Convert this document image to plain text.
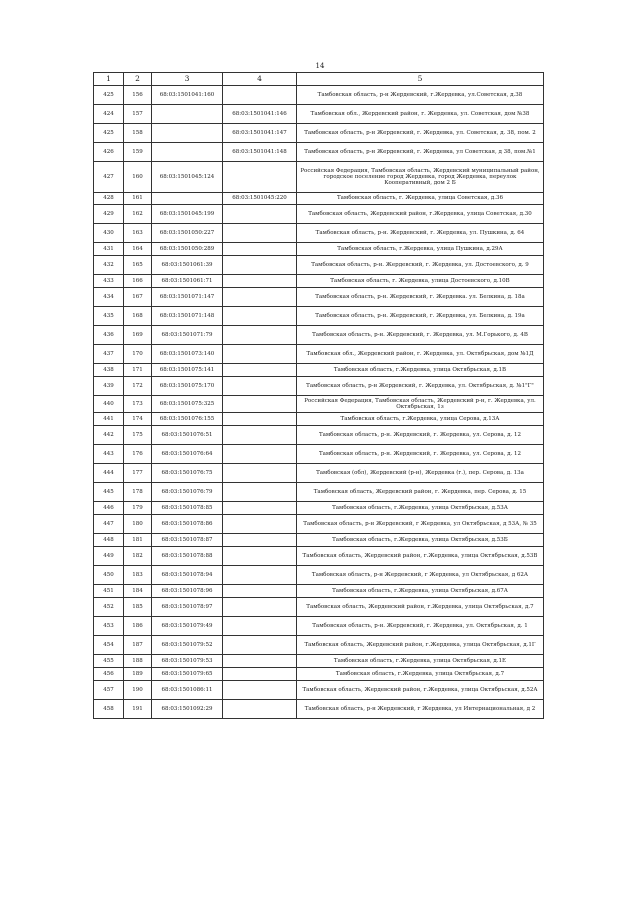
14
1	2	3	4	5
425	156	68:03:1501041:160		Тамбовская область, р-н Жердевский, г.Жердевка, ул.Советская, д.38
424	157		68:03:1501041:146	Тамбовская обл., Жердевский район, г. Жердевка, ул. Советская, дом №38
425	158		68:03:1501041:147	Тамбовская область, р-н Жердевский, г. Жердевка, ул. Советская, д. 38, пом. 2
426	159		68:03:1501041:148	Тамбовская область, р-н Жердевский, г. Жердевка, ул Советская, д 38, пом.№1
427	160	68:03:1501045:124		Российская Федерация, Тамбовская область, Жердевский муниципальный район, городское поселение город Жердевка, город Жердевка, переулок Кооперативный, дом 2 Б
428	161		68:03:1501045:220	Тамбовская область, г. Жердевка, улица Советская, д.36
429	162	68:03:1501045:199		Тамбовская область, Жердевский район, г.Жердевка, улица Советская, д.30
430	163	68:03:1501050:227		Тамбовская область, р-н. Жердевский, г. Жердевка, ул. Пушкина, д. 64
431	164	68:03:1501050:289		Тамбовская область, г.Жердевка, улица Пушкина, д.29А
432	165	68:03:1501061:39		Тамбовская область, р-н. Жердевский, г. Жердевка, ул. Достоевского, д. 9
433	166	68:03:1501061:71		Тамбовская область, г. Жердевка, улица Достоевского, д.10В
434	167	68:03:1501071:147		Тамбовская область, р-н. Жердевский, г. Жердевка. ул. Белкина, д. 18а
435	168	68:03:1501071:148		Тамбовская область, р-н. Жердевский, г. Жердевка, ул. Белкина, д. 19а
436	169	68:03:1501071:79		Тамбовская область, р-н. Жердевский, г. Жердевка, ул. М.Горького, д. 4В
437	170	68:03:1501073:140		Тамбовская обл., Жердевский район, г. Жердевка, ул. Октябрьская, дом №1Д
438	171	68:03:1501075:141		Тамбовская область, г.Жердевка, улица Октябрьская, д.1В
439	172	68:03:1501075:170		Тамбовская область, р-н Жердевский, г. Жердевка, ул. Октябрьская, д. №1"Г"
440	173	68:03:1501075:325		Российская Федерация, Тамбовская область, Жердевский р-н, г. Жердевка, ул. Октябрьская, 1з
441	174	68:03:1501076:155		Тамбовская область, г.Жердевка, улица Серова, д.13А
442	175	68:03:1501076:51		Тамбовская область, р-н. Жердевский, г. Жердевка, ул. Серова, д. 12
443	176	68:03:1501076:64		Тамбовская область, р-н. Жердевский, г. Жердевка, ул. Серова, д. 12
444	177	68:03:1501076:75		Тамбовская (обл), Жердевский (р-н), Жердевка (г.), пер. Серова, д. 13а
445	178	68:03:1501076:79		Тамбовская область, Жердевский район, г. Жердевка, пер. Серова, д. 15
446	179	68:03:1501078:85		Тамбовская область, г.Жердевка, улица Октябрьская, д.53А
447	180	68:03:1501078:86		Тамбовская область, р-н Жердевский, г Жердевка, ул Октябрьская, д 53А, № 35
448	181	68:03:1501078:87		Тамбовская область, г.Жердевка, улица Октябрьская, д.53Б
449	182	68:03:1501078:88		Тамбовская область, Жердевский район, г.Жердевка, улица Октябрьская, д.53В
450	183	68:03:1501078:94		Тамбовская область, р-н Жердевский, г Жердевка, ул Октябрьская, д 62А
451	184	68:03:1501078:96		Тамбовская область, г.Жердевка, улица Октябрьская, д.67А
452	185	68:03:1501078:97		Тамбовская область, Жердевский район, г.Жердевка, улица Октябрьская, д.7
453	186	68:03:1501079:49		Тамбовская область, р-н. Жердевский, г. Жердевка, ул. Октябрьская, д. 1
454	187	68:03:1501079:52		Тамбовская область, Жердевский район, г.Жердевка, улица Октябрьская, д.1Г
455	188	68:03:1501079:53		Тамбовская область, г.Жердевка, улица Октябрьская, д.1Е
456	189	68:03:1501079:65		Тамбовская область, г.Жердевка, улица Октябрьская, д.7
457	190	68:03:1501086:11		Тамбовская область, Жердевский район, г.Жердевка, улица Октябрьская, д.52А
458	191	68:03:1501092:29		Тамбовская область, р-н Жердевский, г Жердевка, ул Интернациональная, д 2
